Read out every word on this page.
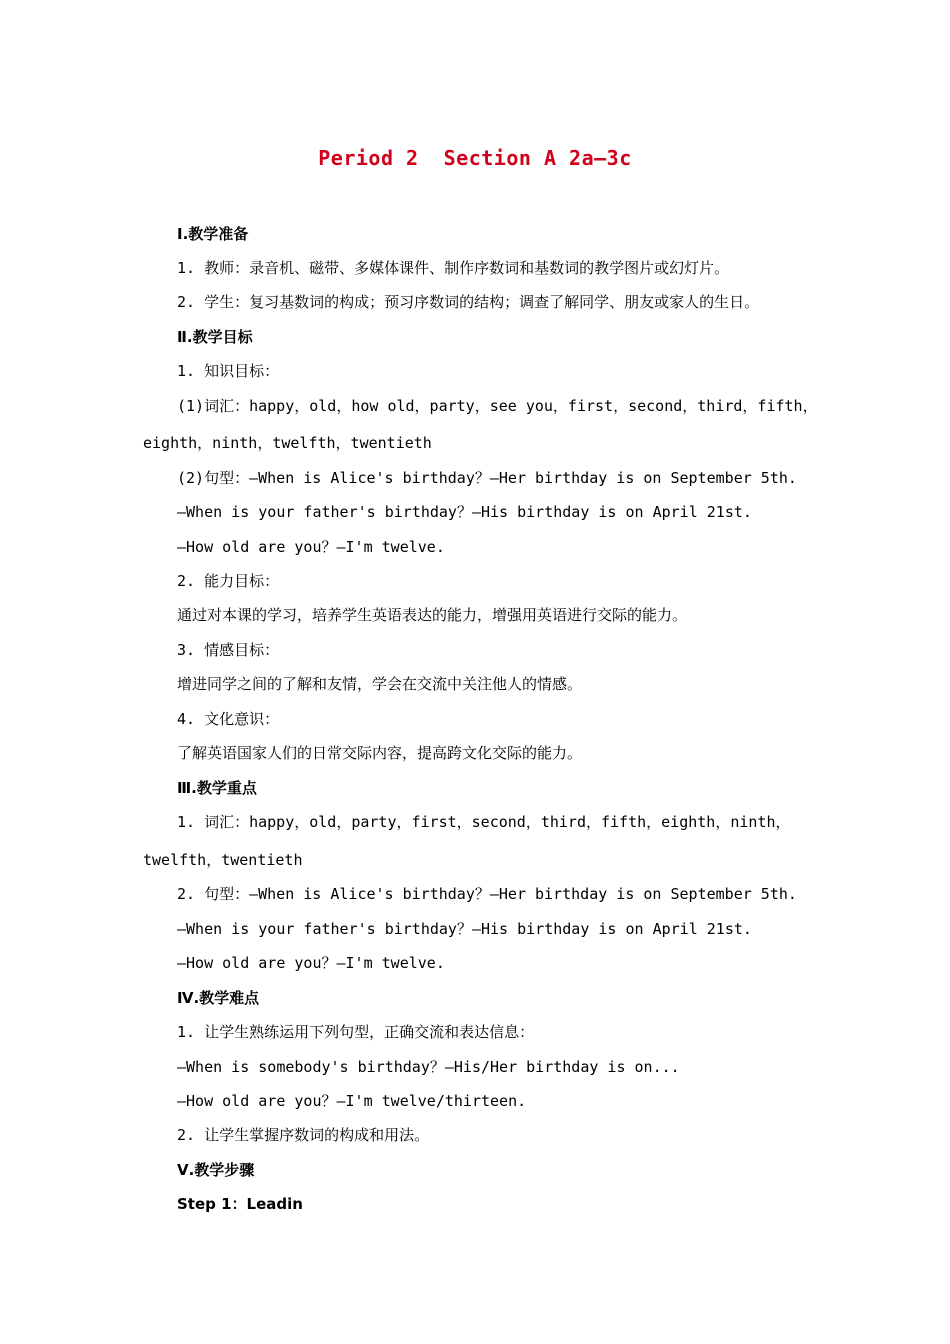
Period 2  Section A 2a—3c
Ⅰ.教学准备
1. 教师：录音机、磁带、多媒体课件、制作序数词和基数词的教学图片或幻灯片。
2. 学生：复习基数词的构成；预习序数词的结构；调查了解同学、朋友或家人的生日。
Ⅱ.教学目标
1. 知识目标：
(1)词汇：happy，old，how old，party，see you，first，second，third，fifth，
eighth，ninth，twelfth，twentieth
(2)句型：—When is Alice's birthday？—Her birthday is on September 5th.
—When is your father's birthday？—His birthday is on April 21st.
—How old are you？—I'm twelve.
2. 能力目标：
通过对本课的学习，培养学生英语表达的能力，增强用英语进行交际的能力。
3. 情感目标：
增进同学之间的了解和友情，学会在交流中关注他人的情感。
4. 文化意识：
了解英语国家人们的日常交际内容，提高跨文化交际的能力。
Ⅲ.教学重点
1. 词汇：happy，old，party，first，second，third，fifth，eighth，ninth，
twelfth，twentieth
2. 句型：—When is Alice's birthday？—Her birthday is on September 5th.
—When is your father's birthday？—His birthday is on April 21st.
—How old are you？—I'm twelve.
Ⅳ.教学难点
1. 让学生熟练运用下列句型，正确交流和表达信息：
—When is somebody's birthday？—His/Her birthday is on...
—How old are you？—I'm twelve/thirteen.
2. 让学生掌握序数词的构成和用法。
Ⅴ.教学步骤
Step 1：Leadin
